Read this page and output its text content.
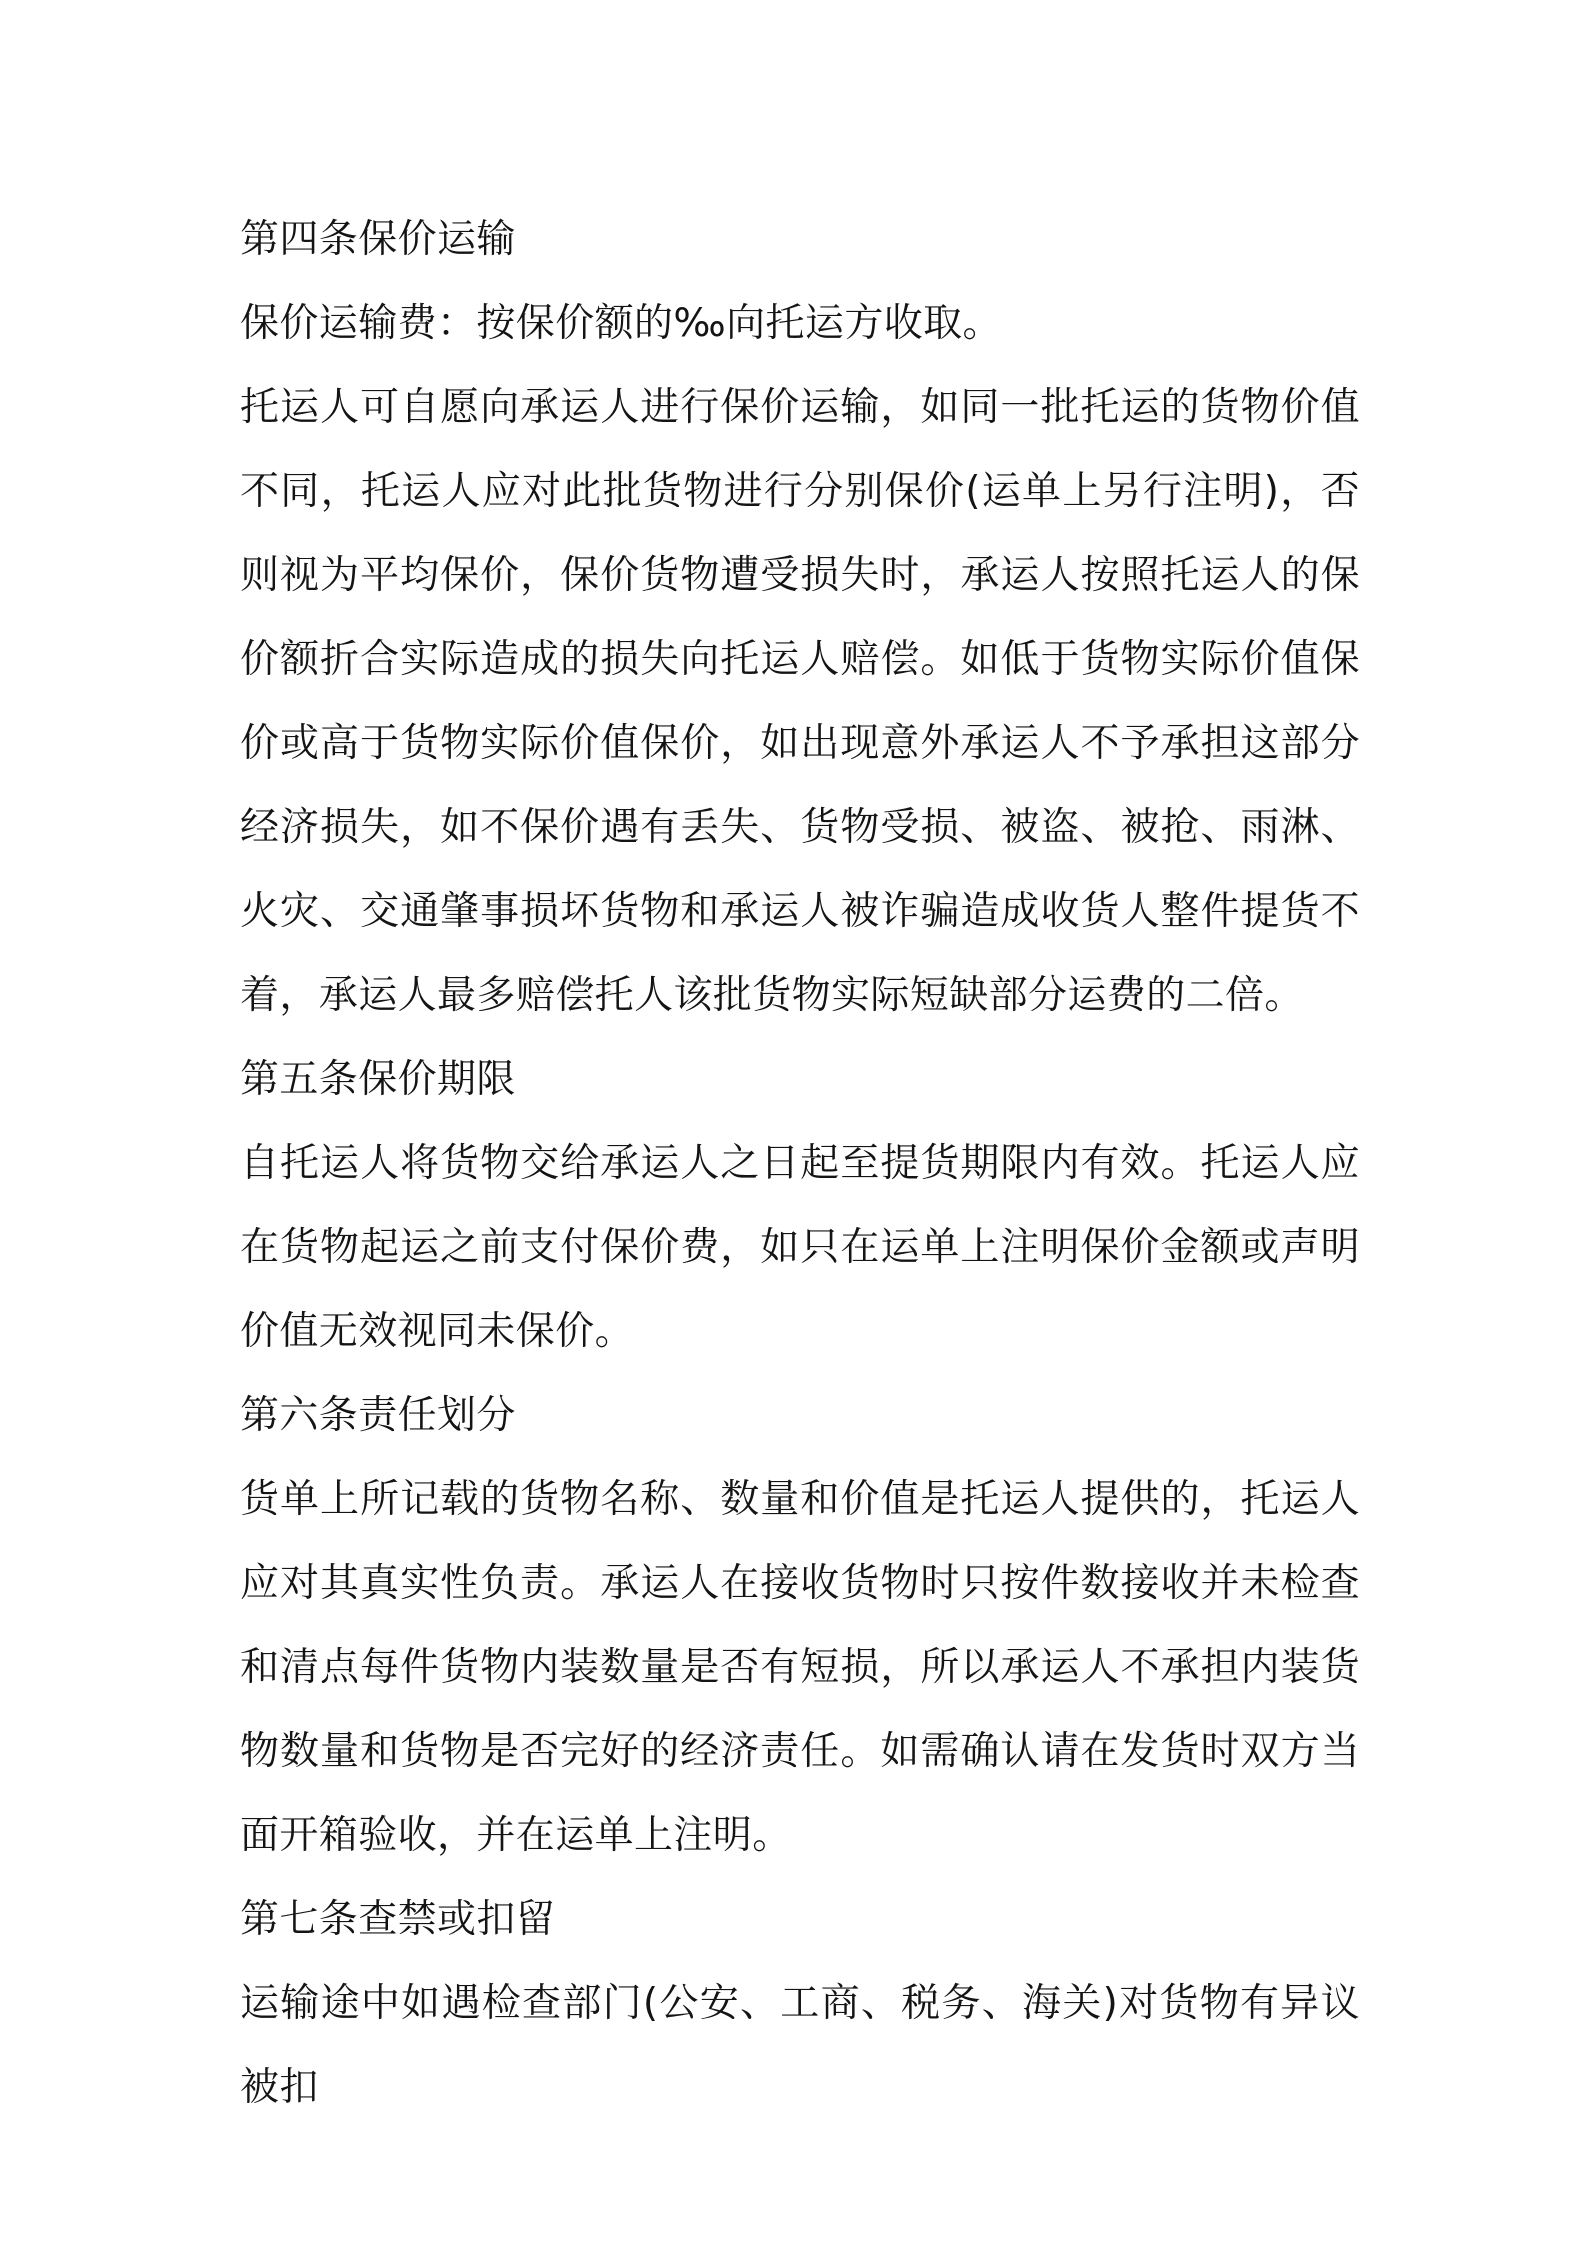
第四条保价运输

保价运输费：按保价额的‰向托运方收取。

托运人可自愿向承运人进行保价运输，如同一批托运的货物价值不同，托运人应对此批货物进行分别保价(运单上另行注明)，否则视为平均保价，保价货物遭受损失时，承运人按照托运人的保价额折合实际造成的损失向托运人赔偿。如低于货物实际价值保价或高于货物实际价值保价，如出现意外承运人不予承担这部分经济损失，如不保价遇有丢失、货物受损、被盗、被抢、雨淋、火灾、交通肇事损坏货物和承运人被诈骗造成收货人整件提货不着，承运人最多赔偿托人该批货物实际短缺部分运费的二倍。

第五条保价期限

自托运人将货物交给承运人之日起至提货期限内有效。托运人应在货物起运之前支付保价费，如只在运单上注明保价金额或声明价值无效视同未保价。

第六条责任划分

货单上所记载的货物名称、数量和价值是托运人提供的，托运人应对其真实性负责。承运人在接收货物时只按件数接收并未检查和清点每件货物内装数量是否有短损，所以承运人不承担内装货物数量和货物是否完好的经济责任。如需确认请在发货时双方当面开箱验收，并在运单上注明。

第七条查禁或扣留

运输途中如遇检查部门(公安、工商、税务、海关)对货物有异议被扣
